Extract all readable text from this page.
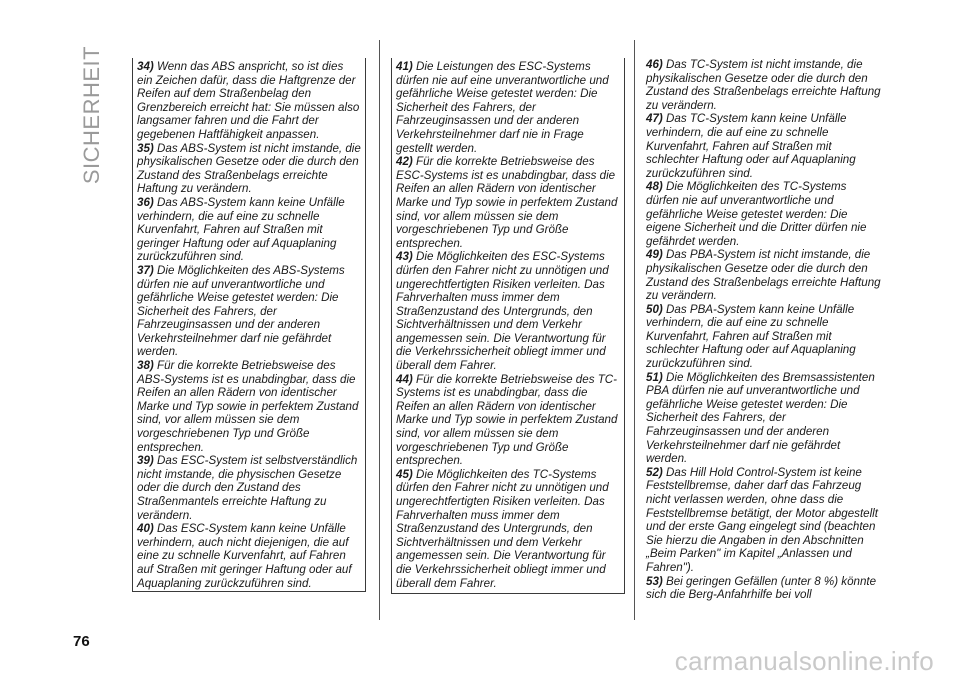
SICHERHEIT	34) Wenn das ABS anspricht, so ist dies ein Zeichen dafür, dass die Haftgrenze der Reifen auf dem Straßenbelag den Grenzbereich erreicht hat: Sie müssen also langsamer fahren und die Fahrt der gegebenen Haftfähigkeit anpassen.

35) Das ABS-System ist nicht imstande, die physikalischen Gesetze oder die durch den Zustand des Straßenbelags erreichte Haftung zu verändern.

36) Das ABS-System kann keine Unfälle verhindern, die auf eine zu schnelle Kurvenfahrt, Fahren auf Straßen mit geringer Haftung oder auf Aquaplaning zurückzuführen sind.

37) Die Möglichkeiten des ABS-Systems dürfen nie auf unverantwortliche und gefährliche Weise getestet werden: Die Sicherheit des Fahrers, der Fahrzeuginsassen und der anderen Verkehrsteilnehmer darf nie gefährdet werden.

38) Für die korrekte Betriebsweise des ABS-Systems ist es unabdingbar, dass die Reifen an allen Rädern von identischer Marke und Typ sowie in perfektem Zustand sind, vor allem müssen sie dem vorgeschriebenen Typ und Größe entsprechen.

39) Das ESC-System ist selbstverständlich nicht imstande, die physischen Gesetze oder die durch den Zustand des Straßenmantels erreichte Haftung zu verändern.

40) Das ESC-System kann keine Unfälle verhindern, auch nicht diejenigen, die auf eine zu schnelle Kurvenfahrt, auf Fahren auf Straßen mit geringer Haftung oder auf Aquaplaning zurückzuführen sind.

41) Die Leistungen des ESC-Systems dürfen nie auf eine unverantwortliche und gefährliche Weise getestet werden: Die Sicherheit des Fahrers, der Fahrzeuginsassen und der anderen Verkehrsteilnehmer darf nie in Frage gestellt werden.

42) Für die korrekte Betriebsweise des ESC-Systems ist es unabdingbar, dass die Reifen an allen Rädern von identischer Marke und Typ sowie in perfektem Zustand sind, vor allem müssen sie dem vorgeschriebenen Typ und Größe entsprechen.

43) Die Möglichkeiten des ESC-Systems dürfen den Fahrer nicht zu unnötigen und ungerechtfertigten Risiken verleiten. Das Fahrverhalten muss immer dem Straßenzustand des Untergrunds, den Sichtverhältnissen und dem Verkehr angemessen sein. Die Verantwortung für die Verkehrssicherheit obliegt immer und überall dem Fahrer.

44) Für die korrekte Betriebsweise des TC-Systems ist es unabdingbar, dass die Reifen an allen Rädern von identischer Marke und Typ sowie in perfektem Zustand sind, vor allem müssen sie dem vorgeschriebenen Typ und Größe entsprechen.

45) Die Möglichkeiten des TC-Systems dürfen den Fahrer nicht zu unnötigen und ungerechtfertigten Risiken verleiten. Das Fahrverhalten muss immer dem Straßenzustand des Untergrunds, den Sichtverhältnissen und dem Verkehr angemessen sein. Die Verantwortung für die Verkehrssicherheit obliegt immer und überall dem Fahrer.

46) Das TC-System ist nicht imstande, die physikalischen Gesetze oder die durch den Zustand des Straßenbelags erreichte Haftung zu verändern.

47) Das TC-System kann keine Unfälle verhindern, die auf eine zu schnelle Kurvenfahrt, Fahren auf Straßen mit schlechter Haftung oder auf Aquaplaning zurückzuführen sind.

48) Die Möglichkeiten des TC-Systems dürfen nie auf unverantwortliche und gefährliche Weise getestet werden: Die eigene Sicherheit und die Dritter dürfen nie gefährdet werden.

49) Das PBA-System ist nicht imstande, die physikalischen Gesetze oder die durch den Zustand des Straßenbelags erreichte Haftung zu verändern.

50) Das PBA-System kann keine Unfälle verhindern, die auf eine zu schnelle Kurvenfahrt, Fahren auf Straßen mit schlechter Haftung oder auf Aquaplaning zurückzuführen sind.

51) Die Möglichkeiten des Bremsassistenten PBA dürfen nie auf unverantwortliche und gefährliche Weise getestet werden: Die Sicherheit des Fahrers, der Fahrzeuginsassen und der anderen Verkehrsteilnehmer darf nie gefährdet werden.

52) Das Hill Hold Control-System ist keine Feststellbremse, daher darf das Fahrzeug nicht verlassen werden, ohne dass die Feststellbremse betätigt, der Motor abgestellt und der erste Gang eingelegt sind (beachten Sie hierzu die Angaben in den Abschnitten „Beim Parken" im Kapitel „Anlassen und Fahren").

53) Bei geringen Gefällen (unter 8 %) könnte sich die Berg-Anfahrhilfe bei voll

76
carmanualsonline.info
